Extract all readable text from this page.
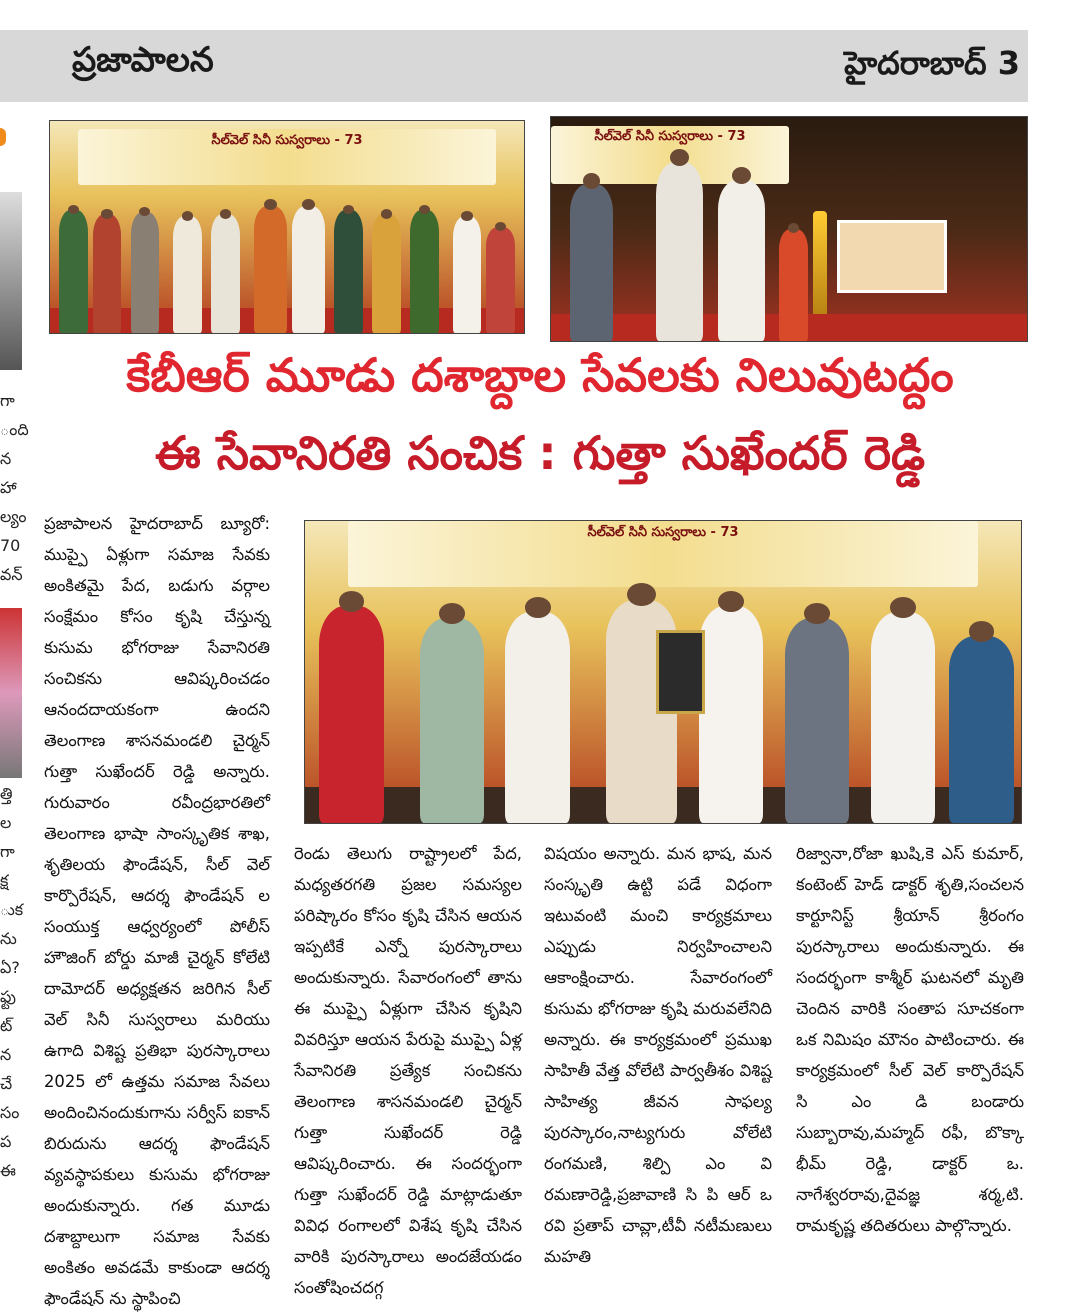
ప్రజాపాలన	హైదరాబాద్ 3
గా
ంది
న
హా
ల్యం
70
వన్
త్తి
ల
గా
క్ష
ుక
ను
ఏ?
ఫ్టు
ట్
న
చే
సం
ప
ఈ
సీల్‌వెల్ సినీ సుస్వరాలు - 73	సీల్‌వెల్ సినీ సుస్వరాలు - 73
కేబీఆర్ మూడు దశాబ్దాల సేవలకు నిలువుటద్దం
ఈ సేవానిరతి సంచిక : గుత్తా సుఖేందర్ రెడ్డి
సీల్‌వెల్ సినీ సుస్వరాలు - 73

ప్రజాపాలన హైదరాబాద్ బ్యూరో: ముప్పై ఏళ్లుగా సమాజ సేవకు అంకితమై పేద, బడుగు వర్గాల సంక్షేమం కోసం కృషి చేస్తున్న కుసుమ భోగరాజు సేవానిరతి సంచికను ఆవిష్కరించడం ఆనందదాయకంగా ఉందని తెలంగాణ శాసనమండలి చైర్మన్ గుత్తా సుఖేందర్ రెడ్డి అన్నారు. గురువారం రవీంద్రభారతిలో తెలంగాణ భాషా సాంస్కృతిక శాఖ, శృతిలయ ఫౌండేషన్, సీల్ వెల్ కార్పొరేషన్, ఆదర్శ ఫౌండేషన్ ల సంయుక్త ఆధ్వర్యంలో పోలీస్ హౌజింగ్ బోర్డు మాజీ చైర్మన్ కోలేటి దామోదర్ అధ్యక్షతన జరిగిన సీల్ వెల్ సినీ సుస్వరాలు మరియు ఉగాది విశిష్ట ప్రతిభా పురస్కారాలు 2025 లో ఉత్తమ సమాజ సేవలు అందించినందుకుగాను సర్వీస్ ఐకాన్ బిరుదును ఆదర్శ ఫౌండేషన్ వ్యవస్థాపకులు కుసుమ భోగరాజు అందుకున్నారు. గత మూడు దశాబ్దాలుగా సమాజ సేవకు అంకితం అవడమే కాకుండా ఆదర్శ ఫౌండేషన్ ను స్థాపించి

రెండు తెలుగు రాష్ట్రాలలో పేద, మధ్యతరగతి ప్రజల సమస్యల పరిష్కారం కోసం కృషి చేసిన ఆయన ఇప్పటికే ఎన్నో పురస్కారాలు అందుకున్నారు. సేవారంగంలో తాను ఈ ముప్పై ఏళ్లుగా చేసిన కృషిని వివరిస్తూ ఆయన పేరుపై ముప్పై ఏళ్ల సేవానిరతి ప్రత్యేక సంచికను తెలంగాణ శాసనమండలి చైర్మన్ గుత్తా సుఖేందర్ రెడ్డి ఆవిష్కరించారు. ఈ సందర్భంగా గుత్తా సుఖేందర్ రెడ్డి మాట్లాడుతూ వివిధ రంగాలలో విశేష కృషి చేసిన వారికి పురస్కారాలు అందజేయడం సంతోషించదగ్గ

విషయం అన్నారు. మన భాష, మన సంస్కృతి ఉట్టి పడే విధంగా ఇటువంటి మంచి కార్యక్రమాలు ఎప్పుడు నిర్వహించాలని ఆకాంక్షించారు. సేవారంగంలో కుసుమ భోగరాజు కృషి మరువలేనిది అన్నారు. ఈ కార్యక్రమంలో ప్రముఖ సాహితీ వేత్త వోలేటి పార్వతీశం విశిష్ట సాహిత్య జీవన సాఫల్య పురస్కారం,నాట్యగురు వోలేటి రంగమణి, శిల్పి ఎం వి రమణారెడ్డి,ప్రజావాణి సి పి ఆర్ ఒ రవి ప్రతాప్ చావ్లా,టీవీ నటీమణులు మహతి

రిజ్వానా,రోజా ఖుషి,కె ఎస్ కుమార్, కంటెంట్ హెడ్ డాక్టర్ శృతి,సంచలన కార్టూనిస్ట్ శ్రీయాన్ శ్రీరంగం పురస్కారాలు అందుకున్నారు. ఈ సందర్భంగా కాశ్మీర్ ఘటనలో మృతి చెందిన వారికి సంతాప సూచకంగా ఒక నిమిషం మౌనం పాటించారు. ఈ కార్యక్రమంలో సీల్ వెల్ కార్పొరేషన్ సి ఎం డి బండారు సుబ్బారావు,మహ్మద్ రఫీ, బొక్కా భీమ్ రెడ్డి, డాక్టర్ ఒ. నాగేశ్వరరావు,దైవజ్ఞ శర్మ,టి. రామకృష్ణ తదితరులు పాల్గొన్నారు.
